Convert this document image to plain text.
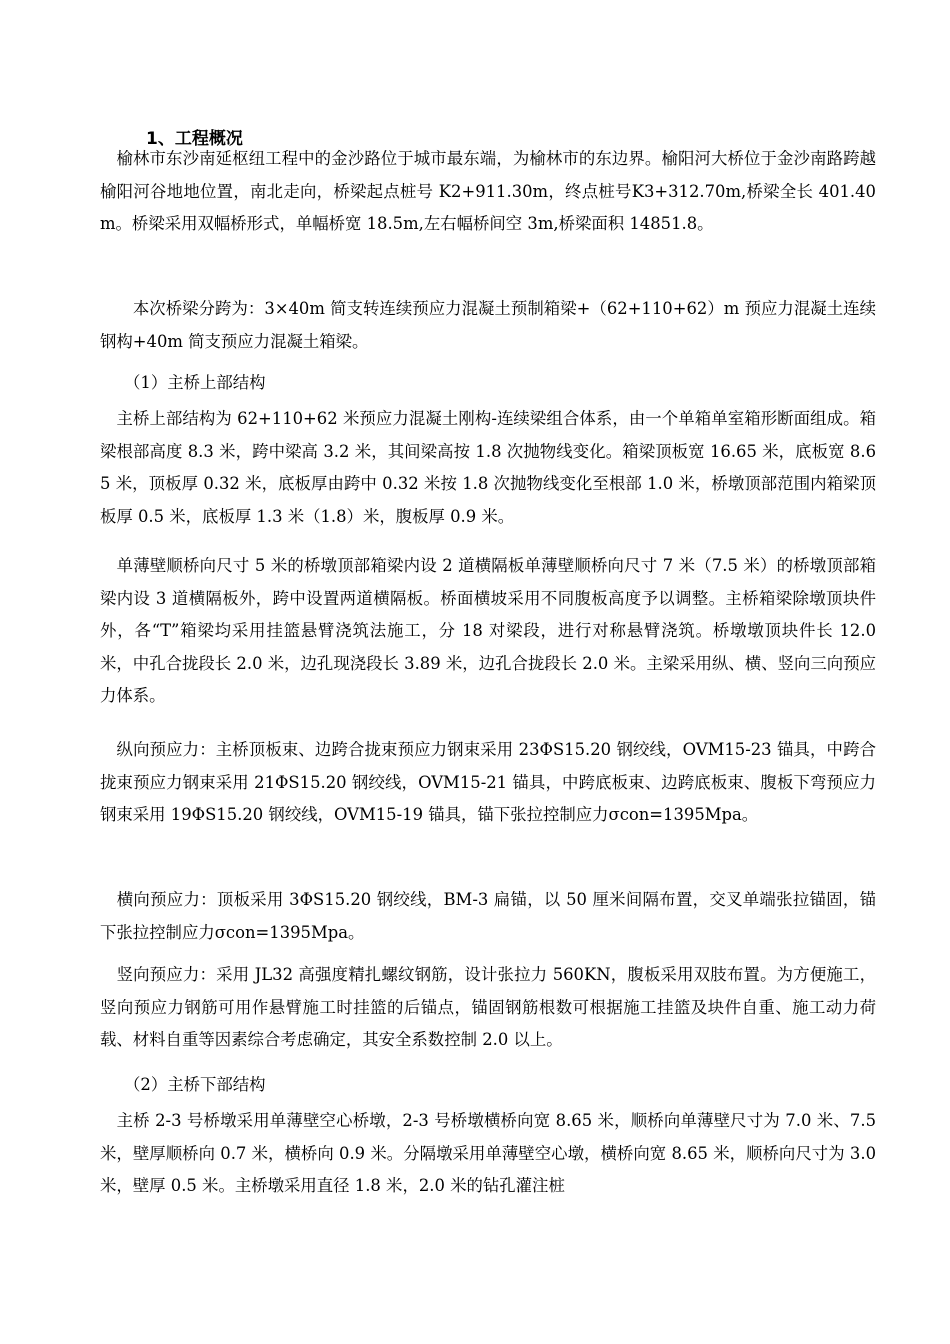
1、工程概况
　榆林市东沙南延枢纽工程中的金沙路位于城市最东端，为榆林市的东边界。榆阳河大桥位于金沙南路跨越榆阳河谷地地位置，南北走向，桥梁起点桩号 K2+911.30m，终点桩号K3+312.70m,桥梁全长 401.40m。桥梁采用双幅桥形式，单幅桥宽 18.5m,左右幅桥间空 3m,桥梁面积 14851.8。
　　本次桥梁分跨为：3×40m 简支转连续预应力混凝土预制箱梁+（62+110+62）m 预应力混凝土连续钢构+40m 简支预应力混凝土箱梁。
（1）主桥上部结构
　主桥上部结构为 62+110+62 米预应力混凝土刚构-连续梁组合体系，由一个单箱单室箱形断面组成。箱梁根部高度 8.3 米，跨中梁高 3.2 米，其间梁高按 1.8 次抛物线变化。箱梁顶板宽 16.65 米，底板宽 8.65 米，顶板厚 0.32 米，底板厚由跨中 0.32 米按 1.8 次抛物线变化至根部 1.0 米，桥墩顶部范围内箱梁顶板厚 0.5 米，底板厚 1.3 米（1.8）米，腹板厚 0.9 米。
　单薄壁顺桥向尺寸 5 米的桥墩顶部箱梁内设 2 道横隔板单薄壁顺桥向尺寸 7 米（7.5 米）的桥墩顶部箱梁内设 3 道横隔板外，跨中设置两道横隔板。桥面横坡采用不同腹板高度予以调整。主桥箱梁除墩顶块件外，各“T”箱梁均采用挂篮悬臂浇筑法施工，分 18 对梁段，进行对称悬臂浇筑。桥墩墩顶块件长 12.0 米，中孔合拢段长 2.0 米，边孔现浇段长 3.89 米，边孔合拢段长 2.0 米。主梁采用纵、横、竖向三向预应力体系。
　纵向预应力：主桥顶板束、边跨合拢束预应力钢束采用 23ΦS15.20 钢绞线，OVM15-23 锚具，中跨合拢束预应力钢束采用 21ΦS15.20 钢绞线，OVM15-21 锚具，中跨底板束、边跨底板束、腹板下弯预应力钢束采用 19ΦS15.20 钢绞线，OVM15-19 锚具，锚下张拉控制应力σcon=1395Mpa。
　横向预应力：顶板采用 3ΦS15.20 钢绞线，BM-3 扁锚，以 50 厘米间隔布置，交叉单端张拉锚固，锚下张拉控制应力σcon=1395Mpa。
　竖向预应力：采用 JL32 高强度精扎螺纹钢筋，设计张拉力 560KN，腹板采用双肢布置。为方便施工，竖向预应力钢筋可用作悬臂施工时挂篮的后锚点，锚固钢筋根数可根据施工挂篮及块件自重、施工动力荷载、材料自重等因素综合考虑确定，其安全系数控制 2.0 以上。
（2）主桥下部结构
　主桥 2-3 号桥墩采用单薄壁空心桥墩，2-3 号桥墩横桥向宽 8.65 米，顺桥向单薄壁尺寸为 7.0 米、7.5 米，壁厚顺桥向 0.7 米，横桥向 0.9 米。分隔墩采用单薄壁空心墩，横桥向宽 8.65 米，顺桥向尺寸为 3.0 米，壁厚 0.5 米。主桥墩采用直径 1.8 米，2.0 米的钻孔灌注桩
